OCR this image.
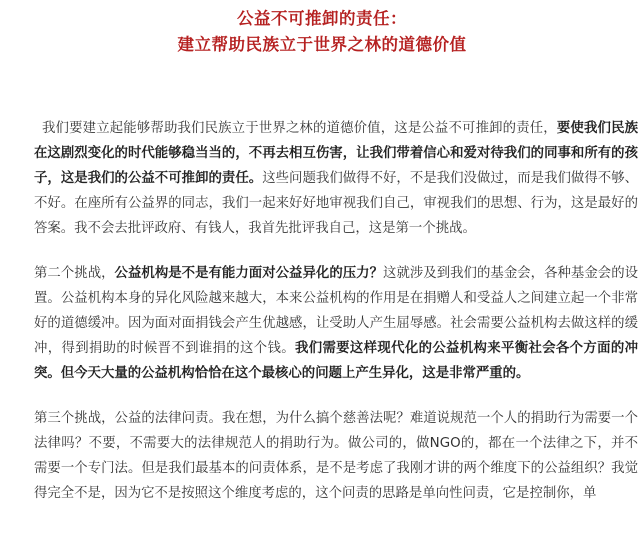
公益不可推卸的责任：
建立帮助民族立于世界之林的道德价值

我们要建立起能够帮助我们民族立于世界之林的道德价值，这是公益不可推卸的责任，要使我们民族在这剧烈变化的时代能够稳当当的，不再去相互伤害，让我们带着信心和爱对待我们的同事和所有的孩子，这是我们的公益不可推卸的责任。这些问题我们做得不好，不是我们没做过，而是我们做得不够、不好。在座所有公益界的同志，我们一起来好好地审视我们自己，审视我们的思想、行为，这是最好的答案。我不会去批评政府、有钱人，我首先批评我自己，这是第一个挑战。

第二个挑战，公益机构是不是有能力面对公益异化的压力？这就涉及到我们的基金会，各种基金会的设置。公益机构本身的异化风险越来越大，本来公益机构的作用是在捐赠人和受益人之间建立起一个非常好的道德缓冲。因为面对面捐钱会产生优越感，让受助人产生屈辱感。社会需要公益机构去做这样的缓冲，得到捐助的时候晋不到谁捐的这个钱。我们需要这样现代化的公益机构来平衡社会各个方面的冲突。但今天大量的公益机构恰恰在这个最核心的问题上产生异化，这是非常严重的。

第三个挑战，公益的法律问责。我在想，为什么搞个慈善法呢？难道说规范一个人的捐助行为需要一个法律吗？不要，不需要大的法律规范人的捐助行为。做公司的，做NGO的，都在一个法律之下，并不需要一个专门法。但是我们最基本的问责体系，是不是考虑了我刚才讲的两个维度下的公益组织？我觉得完全不是，因为它不是按照这个维度考虑的，这个问责的思路是单向性问责，它是控制你，单
